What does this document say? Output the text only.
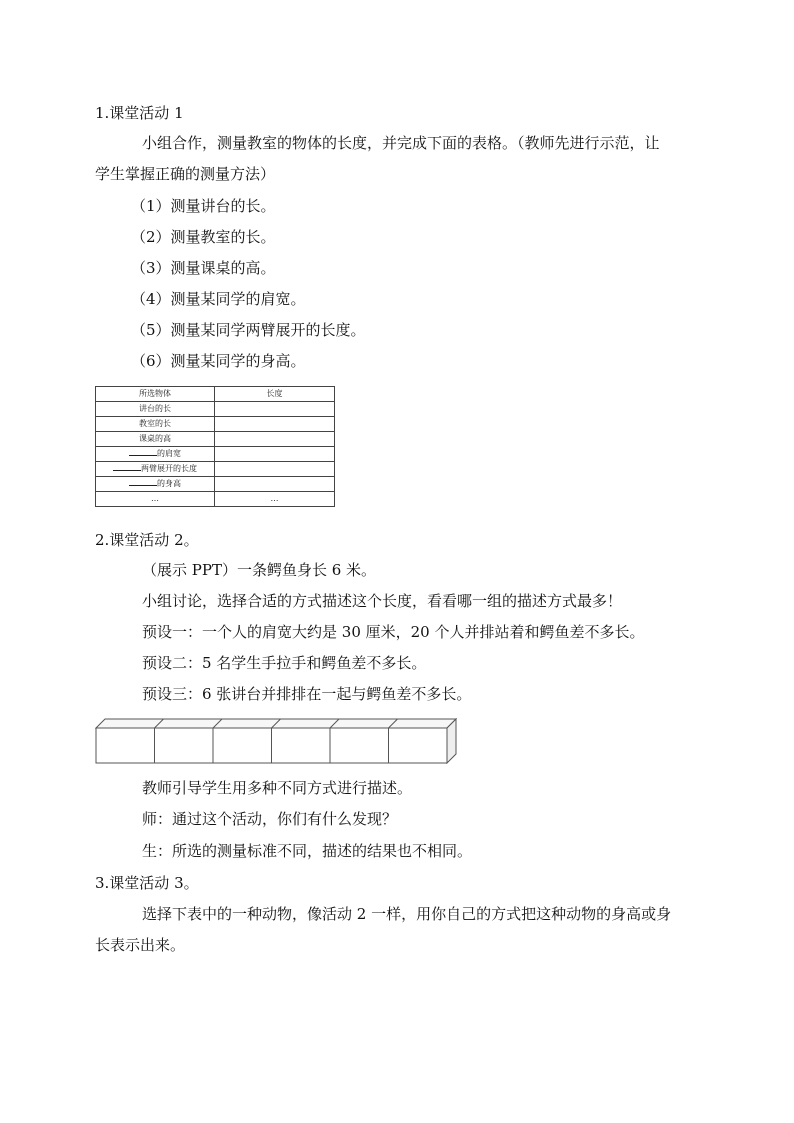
1.课堂活动 1

小组合作，测量教室的物体的长度，并完成下面的表格。（教师先进行示范，让

学生掌握正确的测量方法）

（1）测量讲台的长。

（2）测量教室的长。

（3）测量课桌的高。

（4）测量某同学的肩宽。

（5）测量某同学两臂展开的长度。

（6）测量某同学的身高。

所选物体	长度
讲台的长	
教室的长	
课桌的高	
的肩宽	
两臂展开的长度	
的身高	
…	…

2.课堂活动 2。

（展示 PPT）一条鳄鱼身长 6 米。

小组讨论，选择合适的方式描述这个长度，看看哪一组的描述方式最多！

预设一：一个人的肩宽大约是 30 厘米，20 个人并排站着和鳄鱼差不多长。

预设二：5 名学生手拉手和鳄鱼差不多长。

预设三：6 张讲台并排排在一起与鳄鱼差不多长。

教师引导学生用多种不同方式进行描述。

师：通过这个活动，你们有什么发现？

生：所选的测量标准不同，描述的结果也不相同。

3.课堂活动 3。

选择下表中的一种动物，像活动 2 一样，用你自己的方式把这种动物的身高或身

长表示出来。
